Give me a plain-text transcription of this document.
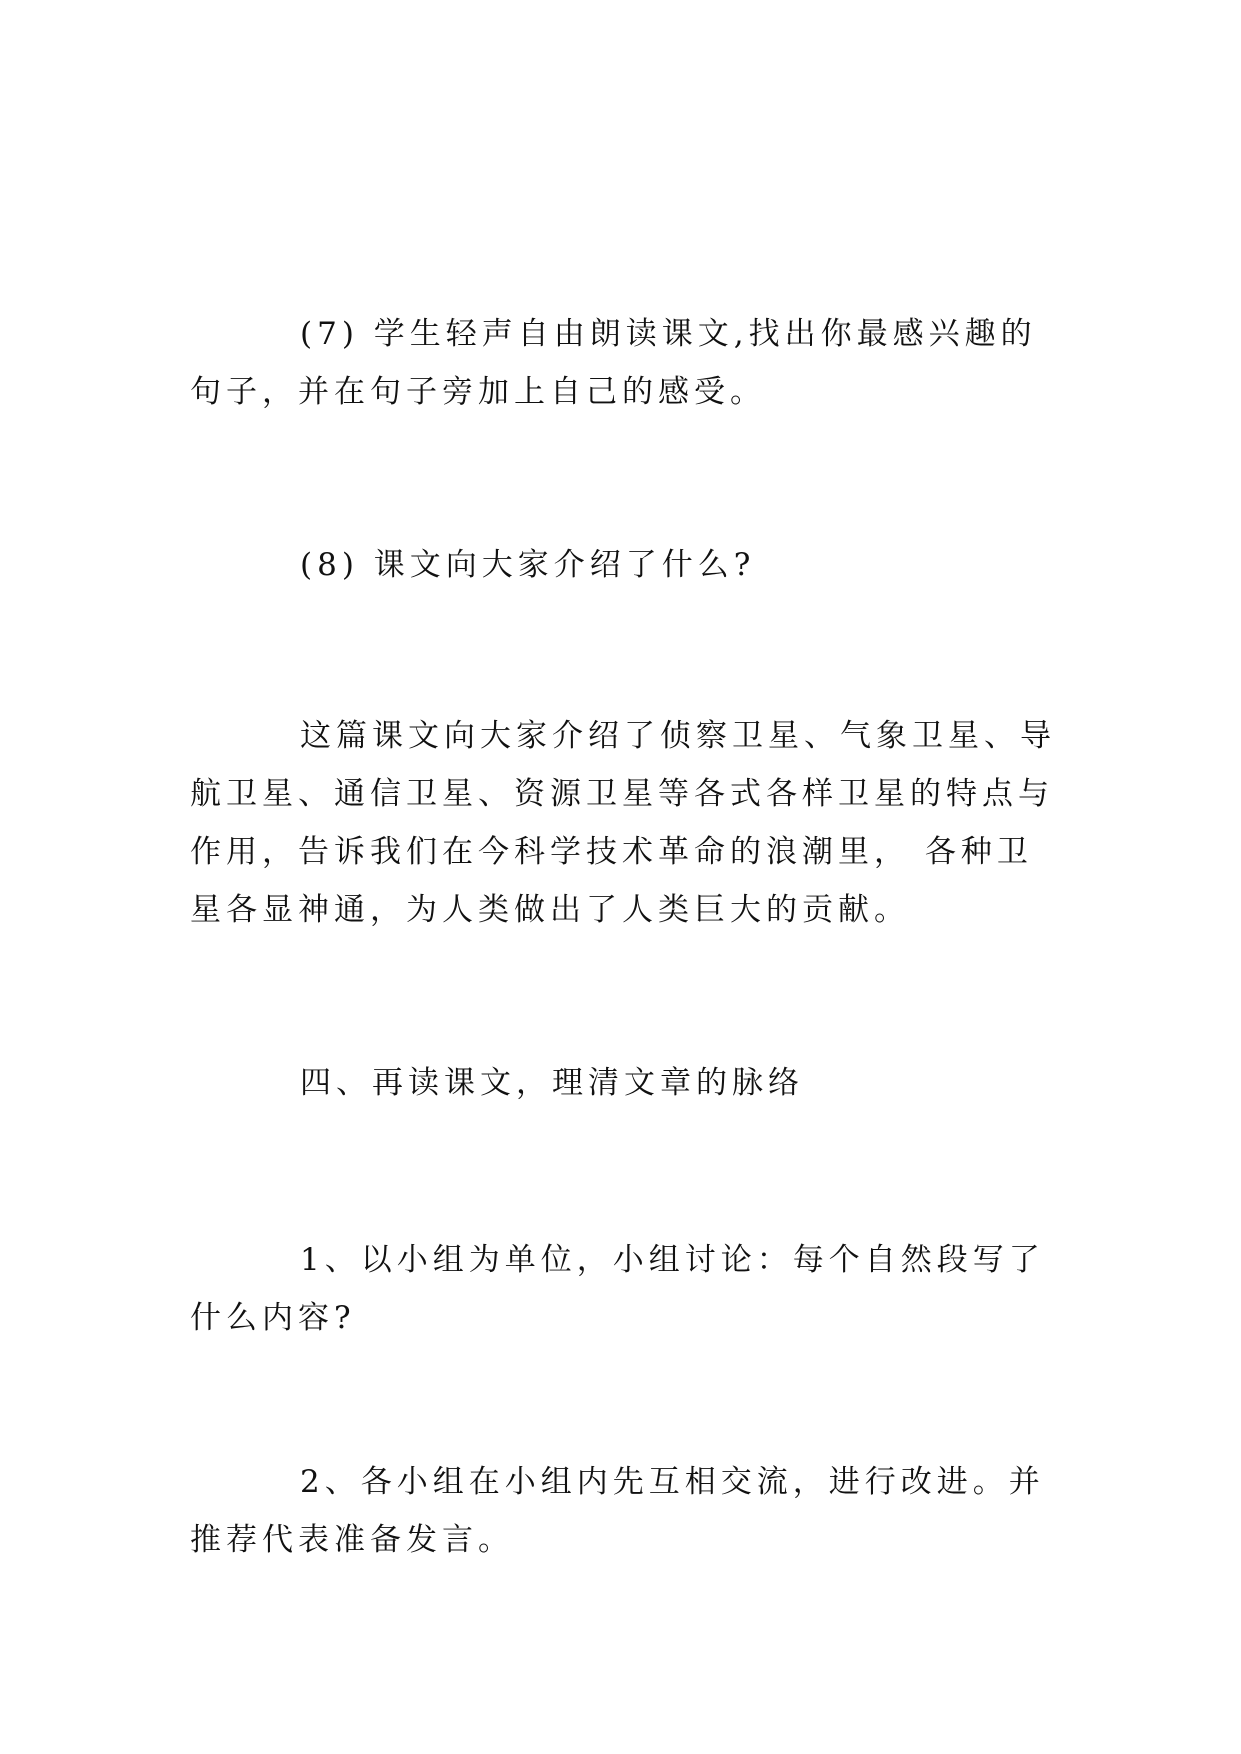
(7) 学生轻声自由朗读课文,找出你最感兴趣的句子，并在句子旁加上自己的感受。

(8) 课文向大家介绍了什么?

这篇课文向大家介绍了侦察卫星、气象卫星、导航卫星、通信卫星、资源卫星等各式各样卫星的特点与作用，告诉我们在今科学技术革命的浪潮里， 各种卫星各显神通，为人类做出了人类巨大的贡献。

四、再读课文，理清文章的脉络

1、以小组为单位，小组讨论：每个自然段写了什么内容?

2、各小组在小组内先互相交流，进行改进。并推荐代表准备发言。
